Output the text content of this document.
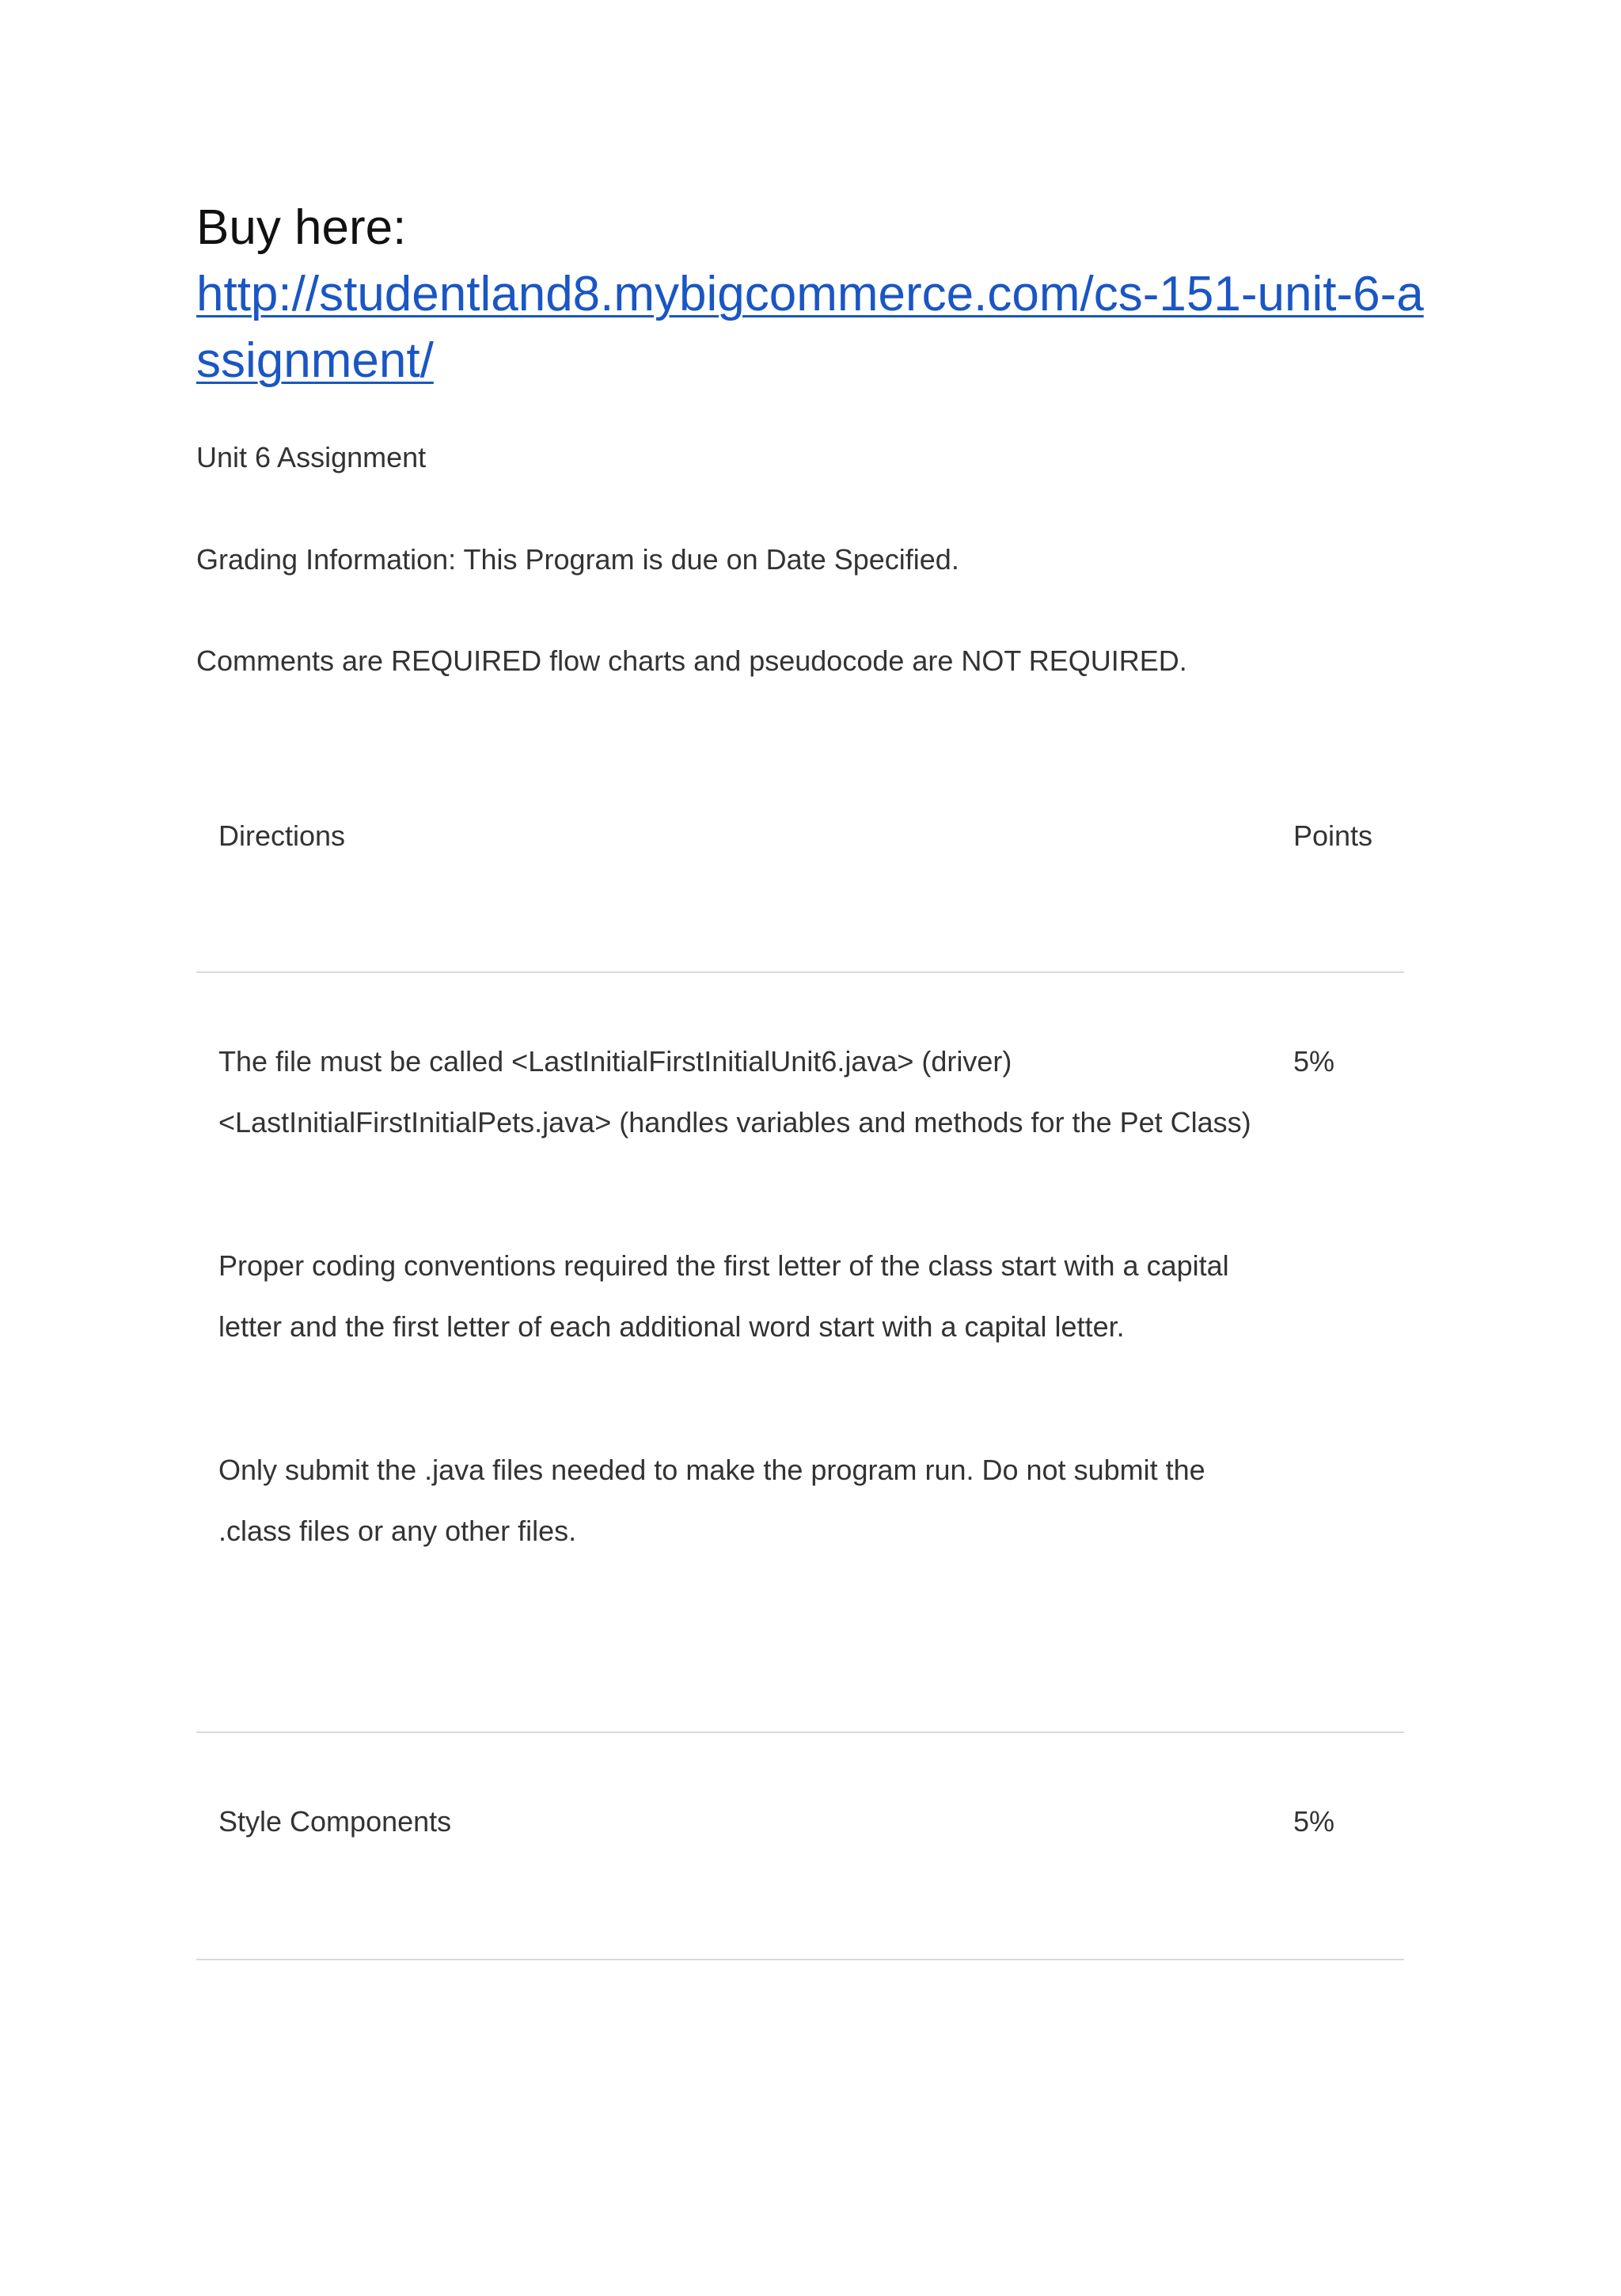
Buy here:
http://studentland8.mybigcommerce.com/cs-151-unit-6-assignment/
Unit 6 Assignment
Grading Information: This Program is due on Date Specified.
Comments are REQUIRED flow charts and pseudocode are NOT REQUIRED.
Directions	Points

The file must be called <LastInitialFirstInitialUnit6.java> (driver) <LastInitialFirstInitialPets.java> (handles variables and methods for the Pet Class)

Proper coding conventions required the first letter of the class start with a capital letter and the first letter of each additional word start with a capital letter.

Only submit the .java files needed to make the program run. Do not submit the .class files or any other files.

5%

Style Components	5%
